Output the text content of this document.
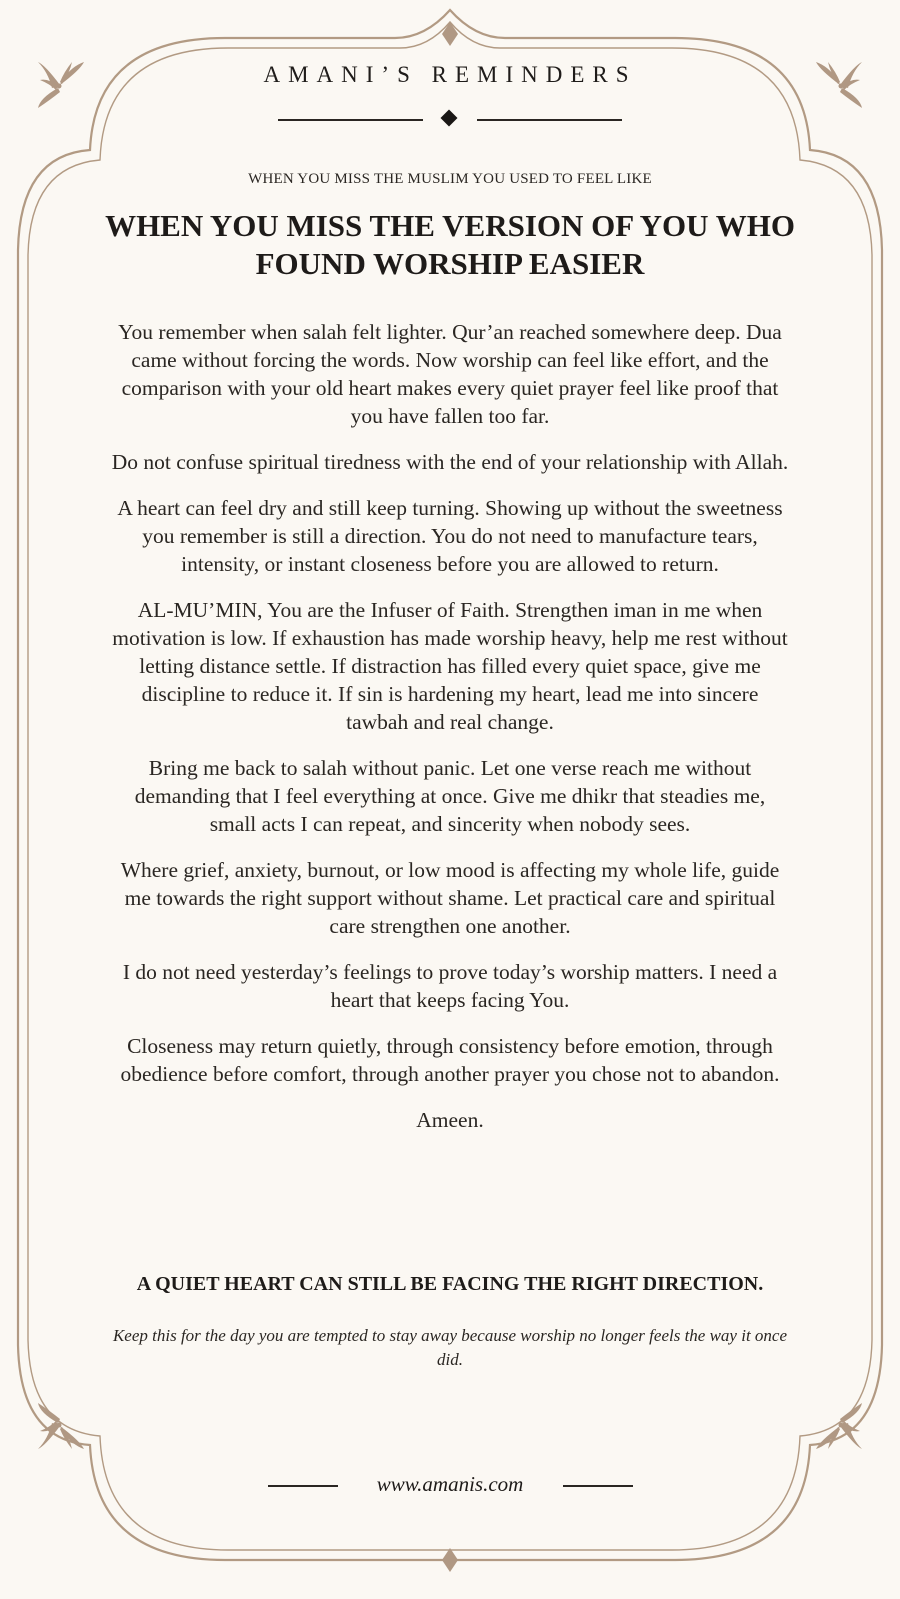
AMANI’S REMINDERS
WHEN YOU MISS THE MUSLIM YOU USED TO FEEL LIKE
WHEN YOU MISS THE VERSION OF YOU WHO FOUND WORSHIP EASIER

You remember when salah felt lighter. Qur’an reached somewhere deep. Dua came without forcing the words. Now worship can feel like effort, and the comparison with your old heart makes every quiet prayer feel like proof that you have fallen too far.

Do not confuse spiritual tiredness with the end of your relationship with Allah.

A heart can feel dry and still keep turning. Showing up without the sweetness you remember is still a direction. You do not need to manufacture tears, intensity, or instant closeness before you are allowed to return.

AL-MU’MIN, You are the Infuser of Faith. Strengthen iman in me when motivation is low. If exhaustion has made worship heavy, help me rest without letting distance settle. If distraction has filled every quiet space, give me discipline to reduce it. If sin is hardening my heart, lead me into sincere tawbah and real change.

Bring me back to salah without panic. Let one verse reach me without demanding that I feel everything at once. Give me dhikr that steadies me, small acts I can repeat, and sincerity when nobody sees.

Where grief, anxiety, burnout, or low mood is affecting my whole life, guide me towards the right support without shame. Let practical care and spiritual care strengthen one another.

I do not need yesterday’s feelings to prove today’s worship matters. I need a heart that keeps facing You.

Closeness may return quietly, through consistency before emotion, through obedience before comfort, through another prayer you chose not to abandon.

Ameen.

A QUIET HEART CAN STILL BE FACING THE RIGHT DIRECTION.
Keep this for the day you are tempted to stay away because worship no longer feels the way it once did.
www.amanis.com
